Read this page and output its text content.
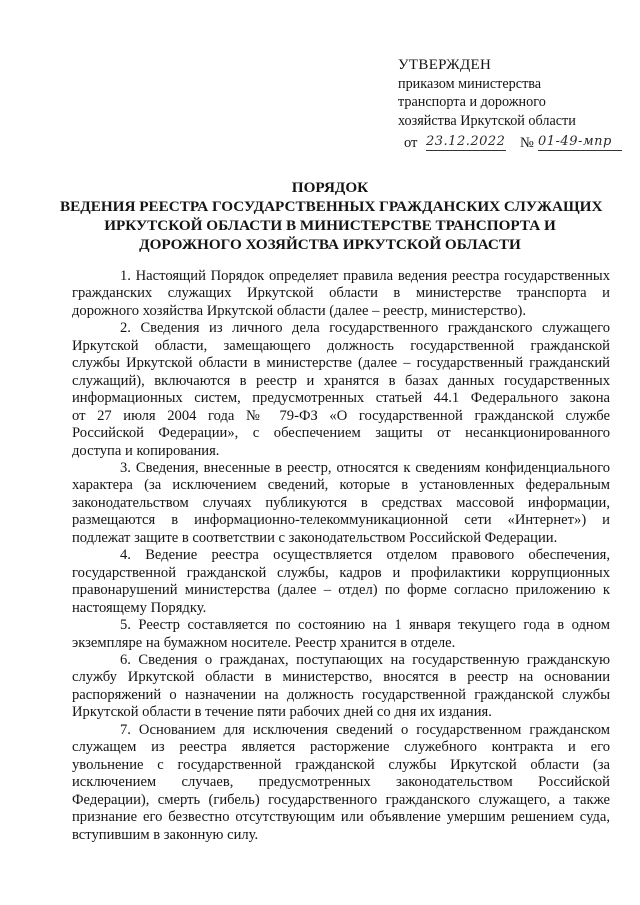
УТВЕРЖДЕН
приказом министерства
транспорта и дорожного
хозяйства Иркутской области
от 23.12.2022 № 01-49-мпр
ПОРЯДОК
ВЕДЕНИЯ РЕЕСТРА ГОСУДАРСТВЕННЫХ ГРАЖДАНСКИХ СЛУЖАЩИХ
ИРКУТСКОЙ ОБЛАСТИ В МИНИСТЕРСТВЕ ТРАНСПОРТА И
ДОРОЖНОГО ХОЗЯЙСТВА ИРКУТСКОЙ ОБЛАСТИ
1. Настоящий Порядок определяет правила ведения реестра государственных
гражданских служащих Иркутской области в министерстве транспорта и
дорожного хозяйства Иркутской области (далее – реестр, министерство).
2. Сведения из личного дела государственного гражданского служащего
Иркутской области, замещающего должность государственной гражданской
службы Иркутской области в министерстве (далее – государственный гражданский
служащий), включаются в реестр и хранятся в базах данных государственных
информационных систем, предусмотренных статьей 44.1 Федерального закона
от 27 июля 2004 года № 79-ФЗ «О государственной гражданской службе
Российской Федерации», с обеспечением защиты от несанкционированного
доступа и копирования.
3. Сведения, внесенные в реестр, относятся к сведениям конфиденциального
характера (за исключением сведений, которые в установленных федеральным
законодательством случаях публикуются в средствах массовой информации,
размещаются в информационно-телекоммуникационной сети «Интернет») и
подлежат защите в соответствии с законодательством Российской Федерации.
4. Ведение реестра осуществляется отделом правового обеспечения,
государственной гражданской службы, кадров и профилактики коррупционных
правонарушений министерства (далее – отдел) по форме согласно приложению к
настоящему Порядку.
5. Реестр составляется по состоянию на 1 января текущего года в одном
экземпляре на бумажном носителе. Реестр хранится в отделе.
6. Сведения о гражданах, поступающих на государственную гражданскую
службу Иркутской области в министерство, вносятся в реестр на основании
распоряжений о назначении на должность государственной гражданской службы
Иркутской области в течение пяти рабочих дней со дня их издания.
7. Основанием для исключения сведений о государственном гражданском
служащем из реестра является расторжение служебного контракта и его
увольнение с государственной гражданской службы Иркутской области (за
исключением случаев, предусмотренных законодательством Российской
Федерации), смерть (гибель) государственного гражданского служащего, а также
признание его безвестно отсутствующим или объявление умершим решением суда,
вступившим в законную силу.
